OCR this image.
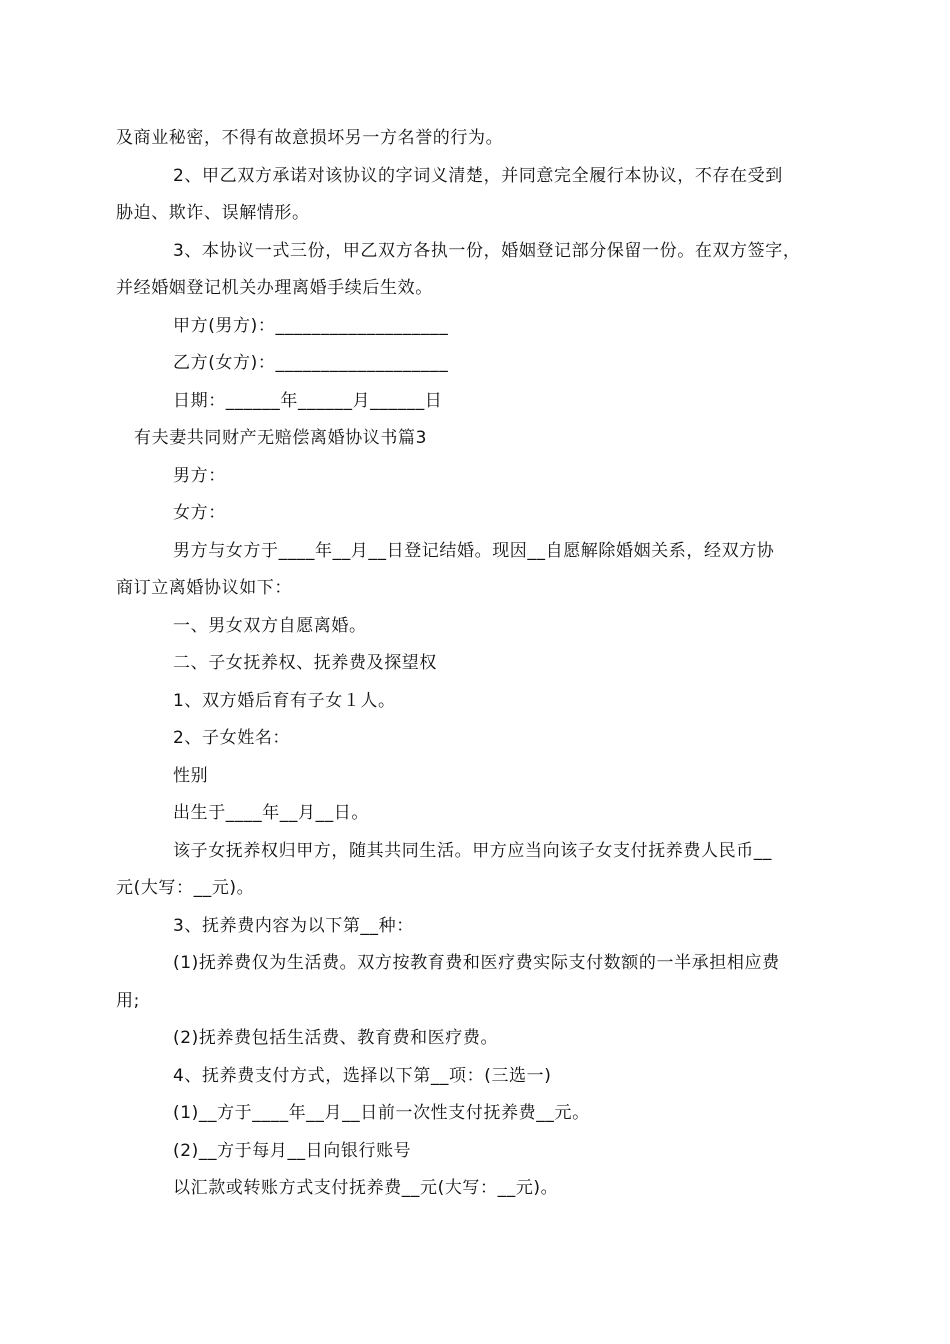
及商业秘密，不得有故意损坏另一方名誉的行为。
2、甲乙双方承诺对该协议的字词义清楚，并同意完全履行本协议，不存在受到
胁迫、欺诈、误解情形。
3、本协议一式三份，甲乙双方各执一份，婚姻登记部分保留一份。在双方签字，
并经婚姻登记机关办理离婚手续后生效。
甲方(男方)：___________________
乙方(女方)：___________________
日期：______年______月______日
有夫妻共同财产无赔偿离婚协议书篇3
男方：
女方：
男方与女方于____年__月__日登记结婚。现因__自愿解除婚姻关系，经双方协
商订立离婚协议如下：
一、男女双方自愿离婚。
二、子女抚养权、抚养费及探望权
1、双方婚后育有子女１人。
2、子女姓名：
性别
出生于____年__月__日。
该子女抚养权归甲方，随其共同生活。甲方应当向该子女支付抚养费人民币__
元(大写：__元)。
3、抚养费内容为以下第__种：
(1)抚养费仅为生活费。双方按教育费和医疗费实际支付数额的一半承担相应费
用;
(2)抚养费包括生活费、教育费和医疗费。
4、抚养费支付方式，选择以下第__项：(三选一)
(1)__方于____年__月__日前一次性支付抚养费__元。
(2)__方于每月__日向银行账号
以汇款或转账方式支付抚养费__元(大写：__元)。
